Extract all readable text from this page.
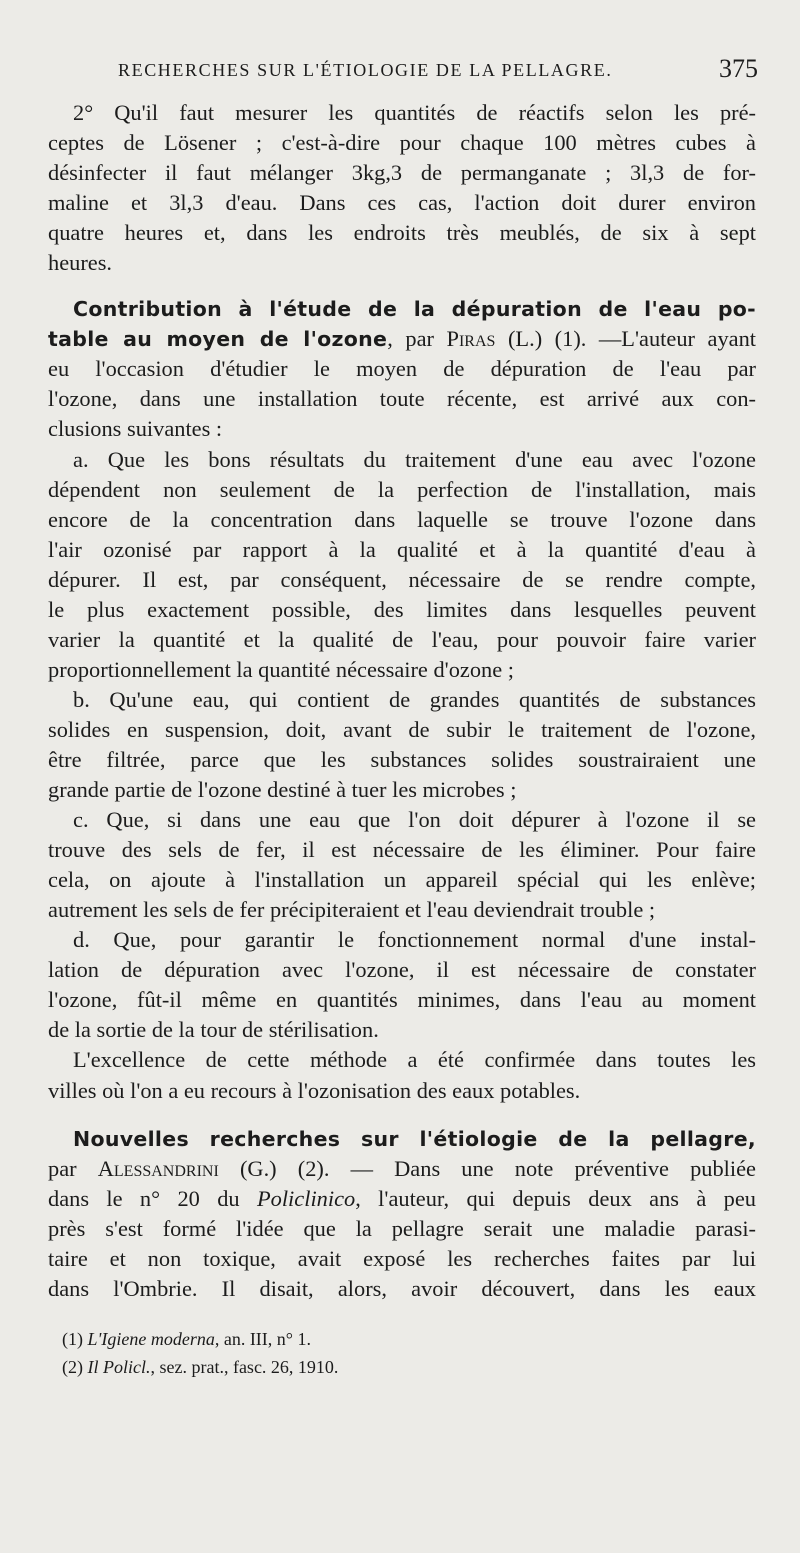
RECHERCHES SUR L'ÉTIOLOGIE DE LA PELLAGRE.	375

2° Qu'il faut mesurer les quantités de réactifs selon les pré-

ceptes de Lösener ; c'est-à-dire pour chaque 100 mètres cubes à

désinfecter il faut mélanger 3kg,3 de permanganate ; 3l,3 de for-

maline et 3l,3 d'eau. Dans ces cas, l'action doit durer environ

quatre heures et, dans les endroits très meublés, de six à sept

heures.

Contribution à l'étude de la dépuration de l'eau po-

table au moyen de l'ozone, par Piras (L.) (1). —L'auteur ayant

eu l'occasion d'étudier le moyen de dépuration de l'eau par

l'ozone, dans une installation toute récente, est arrivé aux con-

clusions suivantes :

a. Que les bons résultats du traitement d'une eau avec l'ozone

dépendent non seulement de la perfection de l'installation, mais

encore de la concentration dans laquelle se trouve l'ozone dans

l'air ozonisé par rapport à la qualité et à la quantité d'eau à

dépurer. Il est, par conséquent, nécessaire de se rendre compte,

le plus exactement possible, des limites dans lesquelles peuvent

varier la quantité et la qualité de l'eau, pour pouvoir faire varier

proportionnellement la quantité nécessaire d'ozone ;

b. Qu'une eau, qui contient de grandes quantités de substances

solides en suspension, doit, avant de subir le traitement de l'ozone,

être filtrée, parce que les substances solides soustrairaient une

grande partie de l'ozone destiné à tuer les microbes ;

c. Que, si dans une eau que l'on doit dépurer à l'ozone il se

trouve des sels de fer, il est nécessaire de les éliminer. Pour faire

cela, on ajoute à l'installation un appareil spécial qui les enlève;

autrement les sels de fer précipiteraient et l'eau deviendrait trouble ;

d. Que, pour garantir le fonctionnement normal d'une instal-

lation de dépuration avec l'ozone, il est nécessaire de constater

l'ozone, fût-il même en quantités minimes, dans l'eau au moment

de la sortie de la tour de stérilisation.

L'excellence de cette méthode a été confirmée dans toutes les

villes où l'on a eu recours à l'ozonisation des eaux potables.

Nouvelles recherches sur l'étiologie de la pellagre,

par Alessandrini (G.) (2). — Dans une note préventive publiée

dans le n° 20 du Policlinico, l'auteur, qui depuis deux ans à peu

près s'est formé l'idée que la pellagre serait une maladie parasi-

taire et non toxique, avait exposé les recherches faites par lui

dans l'Ombrie. Il disait, alors, avoir découvert, dans les eaux

(1) L'Igiene moderna, an. III, n° 1.

(2) Il Policl., sez. prat., fasc. 26, 1910.
